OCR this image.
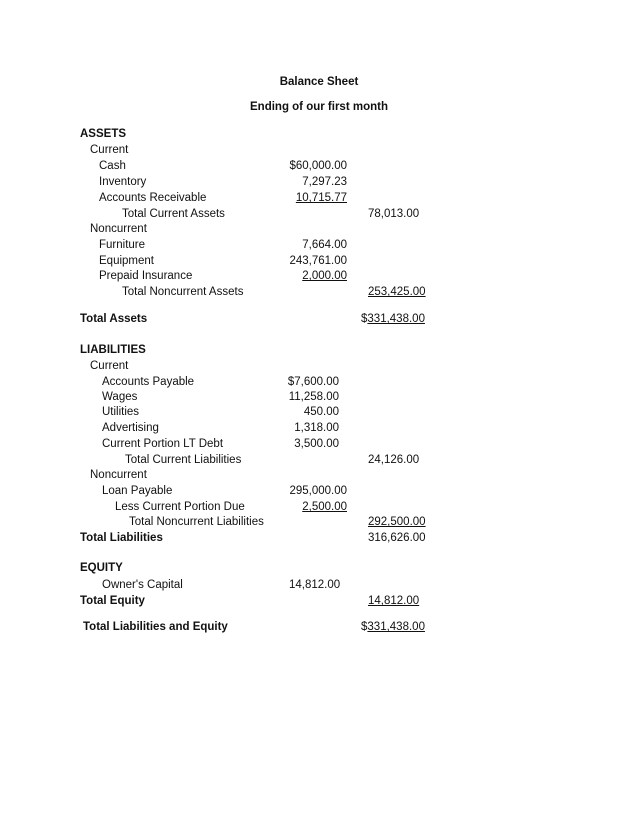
Balance Sheet
Ending of our first month
ASSETS
Current
Cash	$60,000.00
Inventory	7,297.23
Accounts Receivable	10,715.77
Total Current Assets	78,013.00
Noncurrent
Furniture	7,664.00
Equipment	243,761.00
Prepaid Insurance	2,000.00
Total Noncurrent Assets	253,425.00
Total Assets	$331,438.00
LIABILITIES
Current
Accounts Payable	$7,600.00
Wages	11,258.00
Utilities	450.00
Advertising	1,318.00
Current Portion LT Debt	3,500.00
Total Current Liabilities	24,126.00
Noncurrent
Loan Payable	295,000.00
Less Current Portion Due	2,500.00
Total Noncurrent Liabilities	292,500.00
Total Liabilities	316,626.00
EQUITY
Owner's Capital	14,812.00
Total Equity	14,812.00
Total Liabilities and Equity	$331,438.00
